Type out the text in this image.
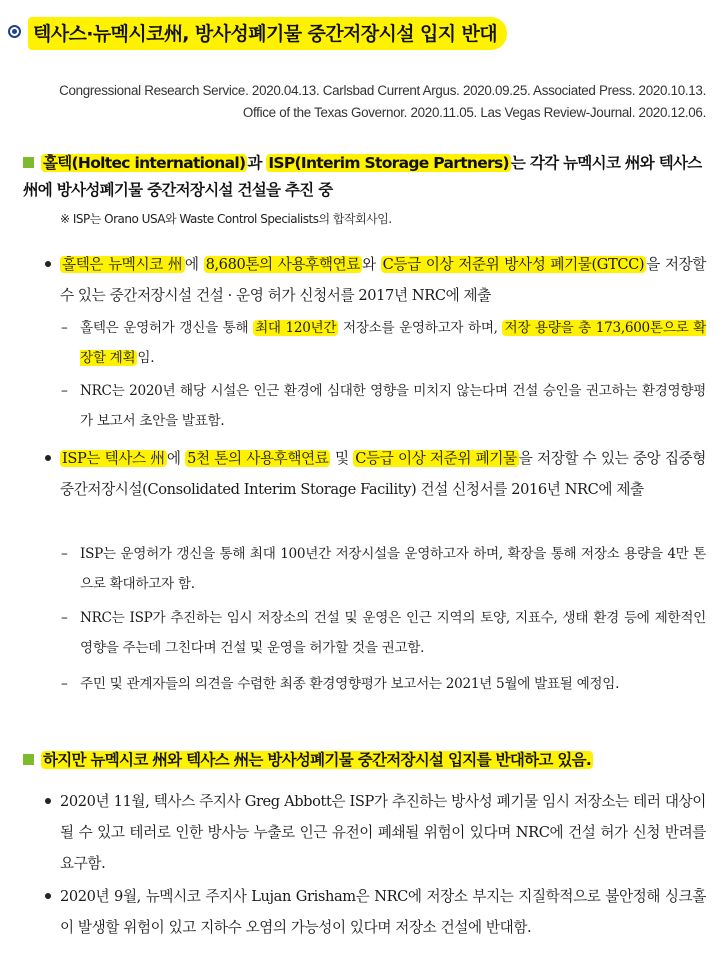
텍사스·뉴멕시코州, 방사성폐기물 중간저장시설 입지 반대
Congressional Research Service. 2020.04.13. Carlsbad Current Argus. 2020.09.25. Associated Press. 2020.10.13.
Office of the Texas Governor. 2020.11.05. Las Vegas Review-Journal. 2020.12.06.
홀텍(Holtec international) 과 ISP(Interim Storage Partners) 는 각각 뉴멕시코 州와 텍사스 州에 방사성폐기물 중간저장시설 건설을 추진 중
※ ISP는 Orano USA와 Waste Control Specialists의 합작회사임.
홀텍은 뉴멕시코 州 에 8,680톤의 사용후핵연료 와 C등급 이상 저준위 방사성 폐기물(GTCC) 을 저장할 수 있는 중간저장시설 건설 · 운영 허가 신청서를 2017년 NRC에 제출
– 홀텍은 운영허가 갱신을 통해 최대 120년간 저장소를 운영하고자 하며, 저장 용량을 총 173,600톤으로 확장할 계획 임.
– NRC는 2020년 해당 시설은 인근 환경에 심대한 영향을 미치지 않는다며 건설 승인을 권고하는 환경영향평가 보고서 초안을 발표함.
ISP는 텍사스 州 에 5천 톤의 사용후핵연료 및 C등급 이상 저준위 폐기물 을 저장할 수 있는 중앙 집중형 중간저장시설(Consolidated Interim Storage Facility) 건설 신청서를 2016년 NRC에 제출
– ISP는 운영허가 갱신을 통해 최대 100년간 저장시설을 운영하고자 하며, 확장을 통해 저장소 용량을 4만 톤으로 확대하고자 함.
– NRC는 ISP가 추진하는 임시 저장소의 건설 및 운영은 인근 지역의 토양, 지표수, 생태 환경 등에 제한적인 영향을 주는데 그친다며 건설 및 운영을 허가할 것을 권고함.
– 주민 및 관계자들의 의견을 수렴한 최종 환경영향평가 보고서는 2021년 5월에 발표될 예정임.
하지만 뉴멕시코 州와 텍사스 州는 방사성폐기물 중간저장시설 입지를 반대하고 있음.
2020년 11월, 텍사스 주지사 Greg Abbott은 ISP가 추진하는 방사성 폐기물 임시 저장소는 테러 대상이 될 수 있고 테러로 인한 방사능 누출로 인근 유전이 폐쇄될 위험이 있다며 NRC에 건설 허가 신청 반려를 요구함.
2020년 9월, 뉴멕시코 주지사 Lujan Grisham은 NRC에 저장소 부지는 지질학적으로 불안정해 싱크홀이 발생할 위험이 있고 지하수 오염의 가능성이 있다며 저장소 건설에 반대함.
